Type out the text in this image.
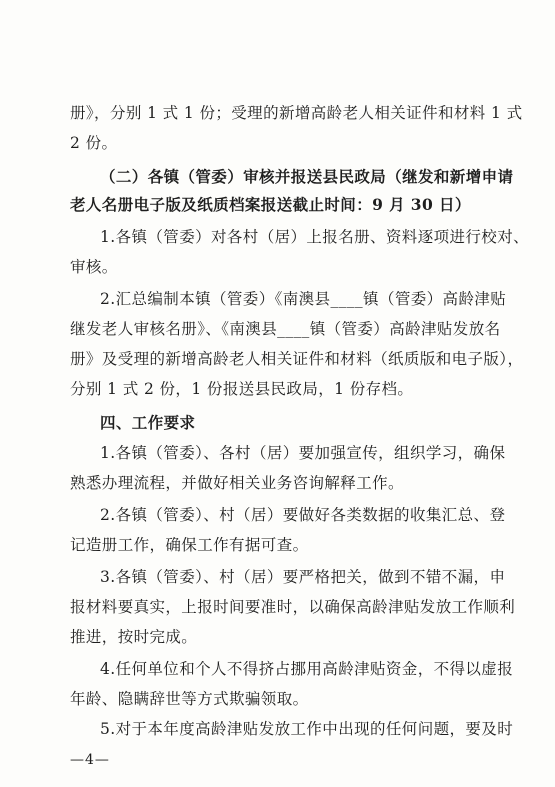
册》，分别 1 式 1 份；受理的新增高龄老人相关证件和材料 1 式
2 份。
（二）各镇（管委）审核并报送县民政局（继发和新增申请
老人名册电子版及纸质档案报送截止时间：9 月 30 日）
1.各镇（管委）对各村（居）上报名册、资料逐项进行校对、
审核。
2.汇总编制本镇（管委）《南澳县____镇（管委）高龄津贴
继发老人审核名册》、《南澳县____镇（管委）高龄津贴发放名
册》及受理的新增高龄老人相关证件和材料（纸质版和电子版），
分别 1 式 2 份，1 份报送县民政局，1 份存档。
四、工作要求
1.各镇（管委）、各村（居）要加强宣传，组织学习，确保
熟悉办理流程，并做好相关业务咨询解释工作。
2.各镇（管委）、村（居）要做好各类数据的收集汇总、登
记造册工作，确保工作有据可查。
3.各镇（管委）、村（居）要严格把关，做到不错不漏，申
报材料要真实，上报时间要准时，以确保高龄津贴发放工作顺利
推进，按时完成。
4.任何单位和个人不得挤占挪用高龄津贴资金，不得以虚报
年龄、隐瞒辞世等方式欺骗领取。
5.对于本年度高龄津贴发放工作中出现的任何问题，要及时
—4—
